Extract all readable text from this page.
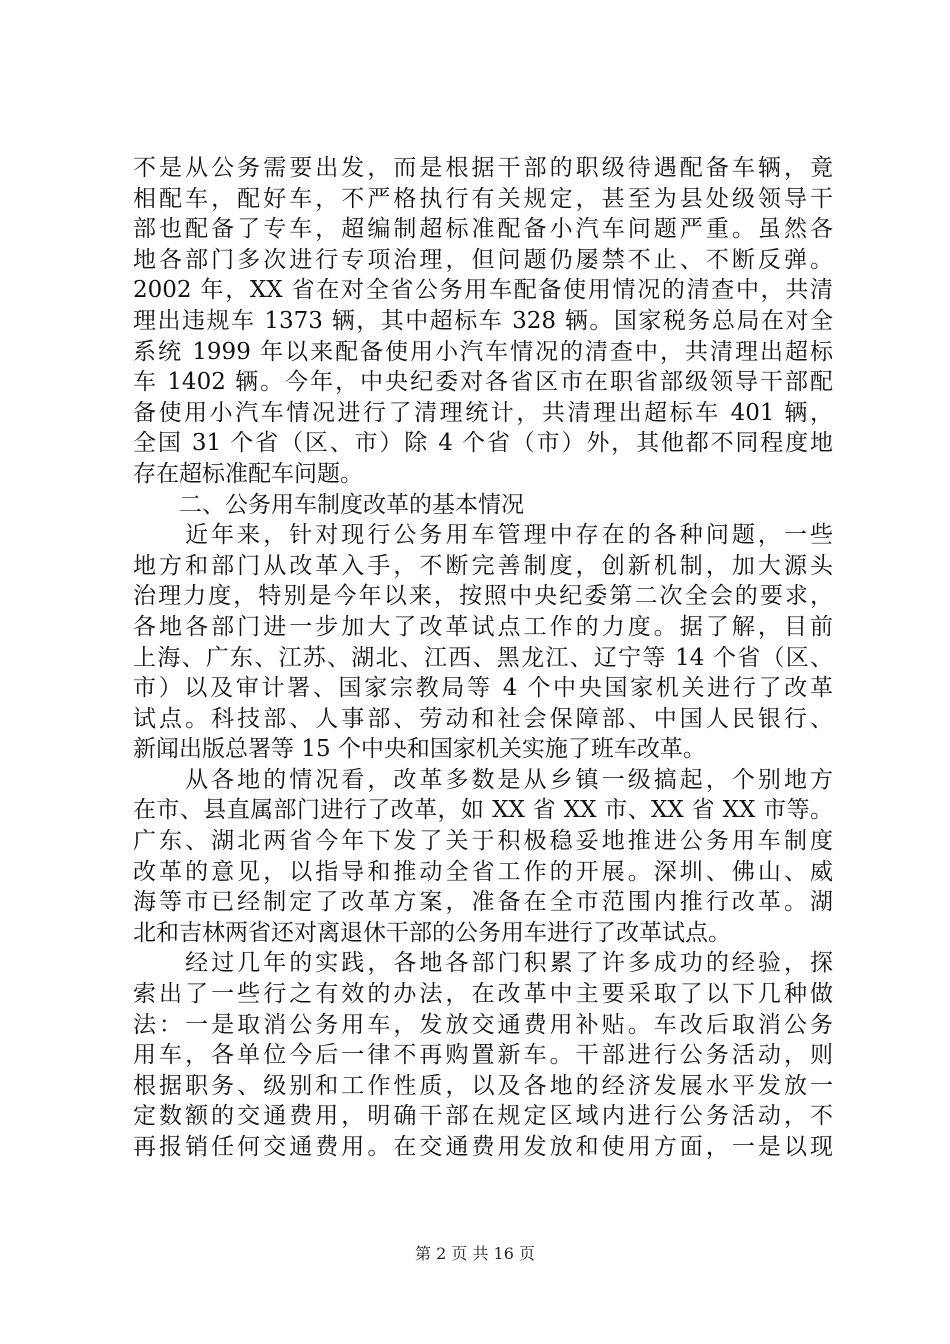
不是从公务需要出发，而是根据干部的职级待遇配备车辆，竟
相配车，配好车，不严格执行有关规定，甚至为县处级领导干
部也配备了专车，超编制超标准配备小汽车问题严重。虽然各
地各部门多次进行专项治理，但问题仍屡禁不止、不断反弹。
2002 年，XX 省在对全省公务用车配备使用情况的清查中，共清
理出违规车 1373 辆，其中超标车 328 辆。国家税务总局在对全
系统 1999 年以来配备使用小汽车情况的清查中，共清理出超标
车 1402 辆。今年，中央纪委对各省区市在职省部级领导干部配
备使用小汽车情况进行了清理统计，共清理出超标车 401 辆，
全国 31 个省（区、市）除 4 个省（市）外，其他都不同程度地
存在超标准配车问题。
　　二、公务用车制度改革的基本情况
　　近年来，针对现行公务用车管理中存在的各种问题，一些
地方和部门从改革入手，不断完善制度，创新机制，加大源头
治理力度，特别是今年以来，按照中央纪委第二次全会的要求，
各地各部门进一步加大了改革试点工作的力度。据了解，目前
上海、广东、江苏、湖北、江西、黑龙江、辽宁等 14 个省（区、
市）以及审计署、国家宗教局等 4 个中央国家机关进行了改革
试点。科技部、人事部、劳动和社会保障部、中国人民银行、
新闻出版总署等 15 个中央和国家机关实施了班车改革。
　　从各地的情况看，改革多数是从乡镇一级搞起，个别地方
在市、县直属部门进行了改革，如 XX 省 XX 市、XX 省 XX 市等。
广东、湖北两省今年下发了关于积极稳妥地推进公务用车制度
改革的意见，以指导和推动全省工作的开展。深圳、佛山、威
海等市已经制定了改革方案，准备在全市范围内推行改革。湖
北和吉林两省还对离退休干部的公务用车进行了改革试点。
　　经过几年的实践，各地各部门积累了许多成功的经验，探
索出了一些行之有效的办法，在改革中主要采取了以下几种做
法：一是取消公务用车，发放交通费用补贴。车改后取消公务
用车，各单位今后一律不再购置新车。干部进行公务活动，则
根据职务、级别和工作性质，以及各地的经济发展水平发放一
定数额的交通费用，明确干部在规定区域内进行公务活动，不
再报销任何交通费用。在交通费用发放和使用方面，一是以现
第 2 页 共 16 页
